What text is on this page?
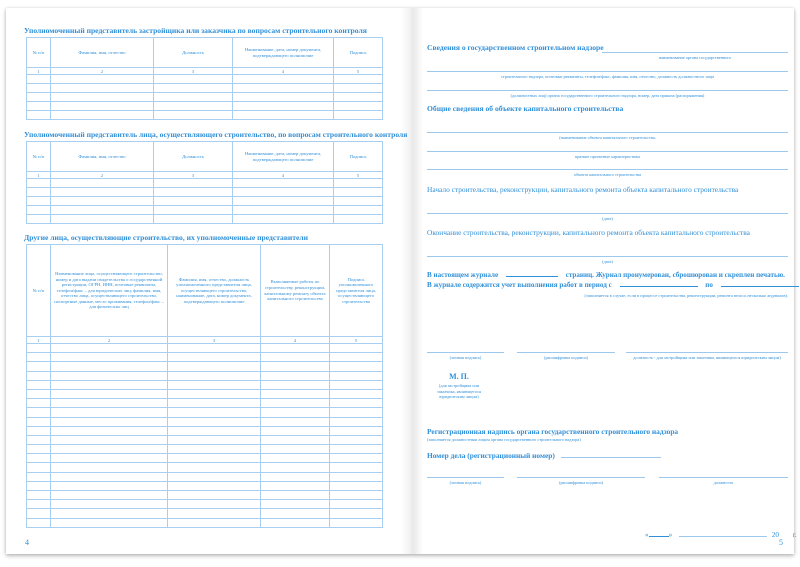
Уполномоченный представитель застройщика или заказчика по вопросам строительного контроля
№ п/п	Фамилия, имя, отчество	Должность	Наименование, дата, номер документа, подтверждающего полномочие	Подпись
1	2	3	4	5

Уполномоченный представитель лица, осуществляющего строительство, по вопросам строительного контроля
№ п/п	Фамилия, имя, отчество	Должность	Наименование, дата, номер документа, подтверждающего полномочие	Подпись
1	2	3	4	5

Другие лица, осуществляющие строительство, их уполномоченные представители
№ п/п	Наименование лица, осуществляющего строительство, номер и дата выдачи свидетельства о государственной регистрации, ОГРН, ИНН, почтовые реквизиты, телефон/факс – для юридических лиц; фамилия, имя, отчество лица, осуществляющего строительство, паспортные данные, место проживания, телефон/факс – для физических лиц	Фамилия, имя, отчество, должность уполномоченного представителя лица, осуществляющего строительство, наименование, дата, номер документа, подтверждающего полномочие	Выполняемые работы по строительству, реконструкции, капитальному ремонту объекта капитального строительства	Подпись уполномоченного представителя лица, осуществляющего строительство
1	2	3	4	5

4
Сведения о государственном строительном надзоре
наименование органа государственного
строительного надзора, почтовые реквизиты, телефон/факс, фамилия, имя, отчество, должность должностного лица
(должностных лиц) органа государственного строительного надзора, номер, дата приказа (распоряжения)
Общие сведения об объекте капитального строительства
(наименование объекта капитального строительства,
краткие проектные характеристики
объекта капитального строительства
Начало строительства, реконструкции, капитального ремонта объекта капитального строительства
(дата)
Окончание строительства, реконструкции, капитального ремонта объекта капитального строительства
(дата)
В настоящем журнале	страниц. Журнал пронумерован, сброшюрован и скреплен печатью.
В журнале содержится учет выполнения работ в период с	по
(заполняется в случае, если в процессе строительства, реконструкции, ремонта велось несколько журналов).
(личная подпись)	(расшифровка подписи)	должность - для застройщика или заказчика, являющегося юридическим лицом)
М. П.
(для застройщика или заказчика, являющегося юридическим лицом)
Регистрационная надпись органа государственного строительного надзора
(заполняется должностным лицом органа государственного строительного надзора)
Номер дела (регистрационный номер)
(личная подпись)	(расшифровка подписи)	должность
«	»	20 г.
5
